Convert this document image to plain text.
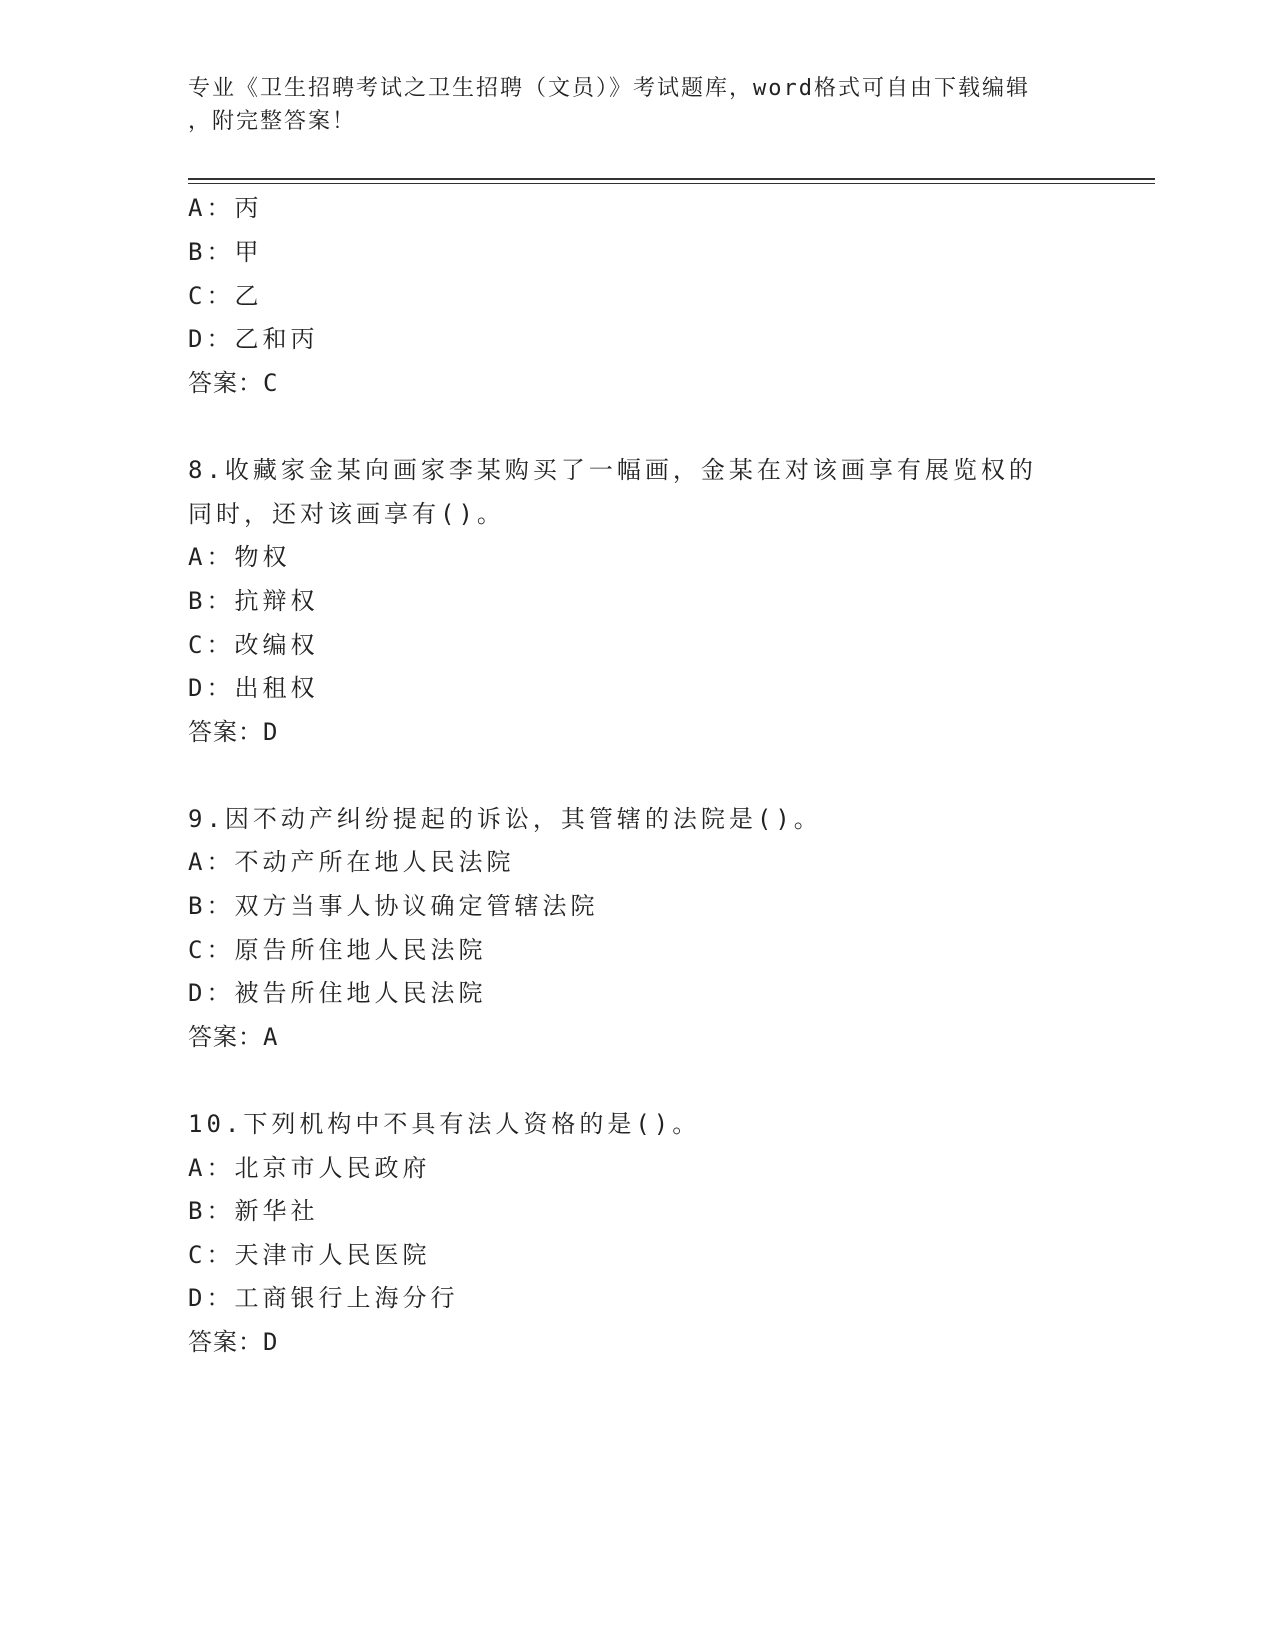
专业《卫生招聘考试之卫生招聘（文员）》考试题库，word格式可自由下载编辑
，附完整答案！
A：丙
B：甲
C：乙
D：乙和丙
答案：C
8.收藏家金某向画家李某购买了一幅画，金某在对该画享有展览权的
同时，还对该画享有()。
A：物权
B：抗辩权
C：改编权
D：出租权
答案：D
9.因不动产纠纷提起的诉讼，其管辖的法院是()。
A：不动产所在地人民法院
B：双方当事人协议确定管辖法院
C：原告所住地人民法院
D：被告所住地人民法院
答案：A
10.下列机构中不具有法人资格的是()。
A：北京市人民政府
B：新华社
C：天津市人民医院
D：工商银行上海分行
答案：D
